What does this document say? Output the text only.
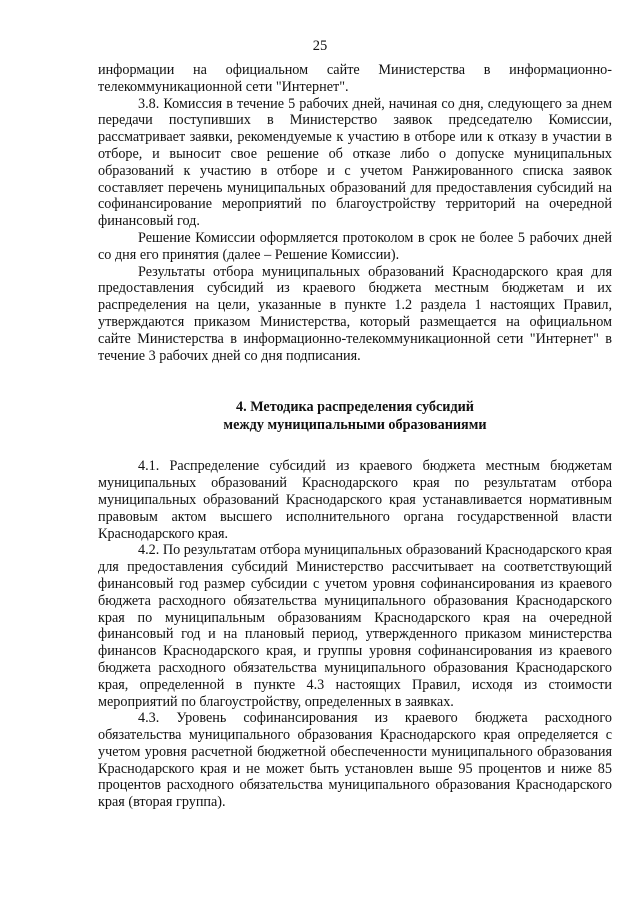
25

информации на официальном сайте Министерства в информационно-телекоммуникационной сети "Интернет".

3.8. Комиссия в течение 5 рабочих дней, начиная со дня, следующего за днем передачи поступивших в Министерство заявок председателю Комиссии, рассматривает заявки, рекомендуемые к участию в отборе или к отказу в участии в отборе, и выносит свое решение об отказе либо о допуске муниципальных образований к участию в отборе и с учетом Ранжированного списка заявок составляет перечень муниципальных образований для предоставления субсидий на софинансирование мероприятий по благоустройству территорий на очередной финансовый год.

Решение Комиссии оформляется протоколом в срок не более 5 рабочих дней со дня его принятия (далее – Решение Комиссии).

Результаты отбора муниципальных образований Краснодарского края для предоставления субсидий из краевого бюджета местным бюджетам и их распределения на цели, указанные в пункте 1.2 раздела 1 настоящих Правил, утверждаются приказом Министерства, который размещается на официальном сайте Министерства в информационно-телекоммуникационной сети "Интернет" в течение 3 рабочих дней со дня подписания.

4. Методика распределения субсидий

между муниципальными образованиями

4.1. Распределение субсидий из краевого бюджета местным бюджетам муниципальных образований Краснодарского края по результатам отбора муниципальных образований Краснодарского края устанавливается нормативным правовым актом высшего исполнительного органа государственной власти Краснодарского края.

4.2. По результатам отбора муниципальных образований Краснодарского края для предоставления субсидий Министерство рассчитывает на соответствующий финансовый год размер субсидии с учетом уровня софинансирования из краевого бюджета расходного обязательства муниципального образования Краснодарского края по муниципальным образованиям Краснодарского края на очередной финансовый год и на плановый период, утвержденного приказом министерства финансов Краснодарского края, и группы уровня софинансирования из краевого бюджета расходного обязательства муниципального образования Краснодарского края, определенной в пункте 4.3 настоящих Правил, исходя из стоимости мероприятий по благоустройству, определенных в заявках.

4.3. Уровень софинансирования из краевого бюджета расходного обязательства муниципального образования Краснодарского края определяется с учетом уровня расчетной бюджетной обеспеченности муниципального образования Краснодарского края и не может быть установлен выше 95 процентов и ниже 85 процентов расходного обязательства муниципального образования Краснодарского края (вторая группа).
